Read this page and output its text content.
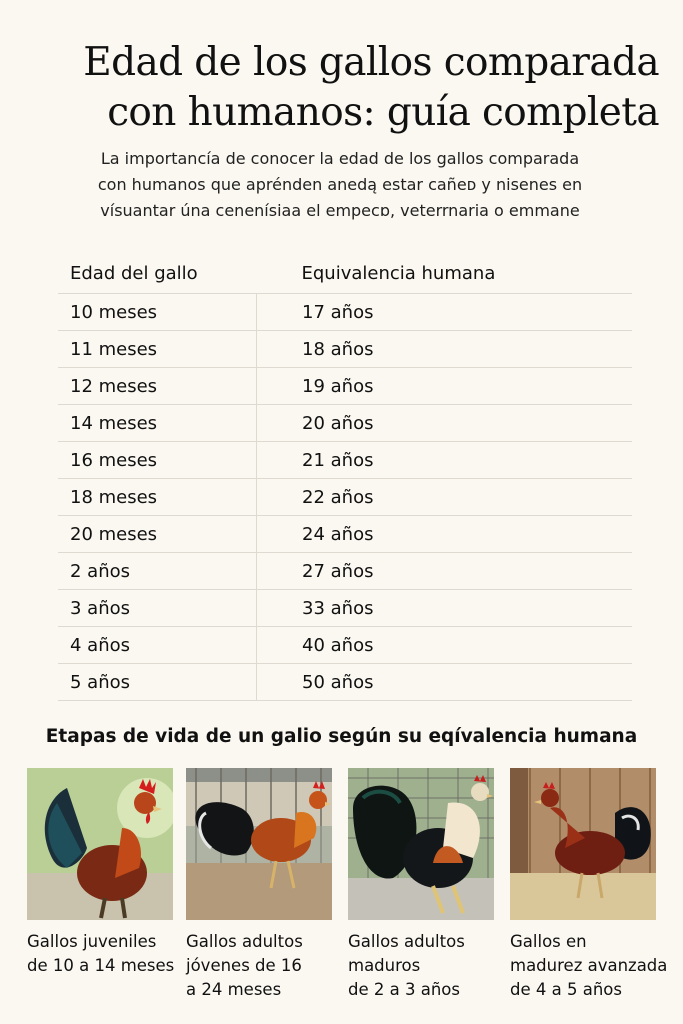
Edad de los gallos comparada
con humanos: guía completa

La importancía de conocer la edad de los gallos comparada
con humanos que aprénden anedą estar cañeᴅ y nisenes en
vísuantar úna cenenísiaa el empecɒ, veterrnaria o emmane

Edad del gallo	Equivalencia humana
10 meses	17 años
11 meses	18 años
12 meses	19 años
14 meses	20 años
16 meses	21 años
18 meses	22 años
20 meses	24 años
2 años	27 años
3 años	33 años
4 años	40 años
5 años	50 años
Etapas de vida de un galio según su eqívalencia humana
Gallos juveniles
de 10 a 14 meses
Gallos adultos
jóvenes de 16
a 24 meses
Gallos adultos
maduros
de 2 a 3 años
Gallos en
madurez avanzada
de 4 a 5 años
